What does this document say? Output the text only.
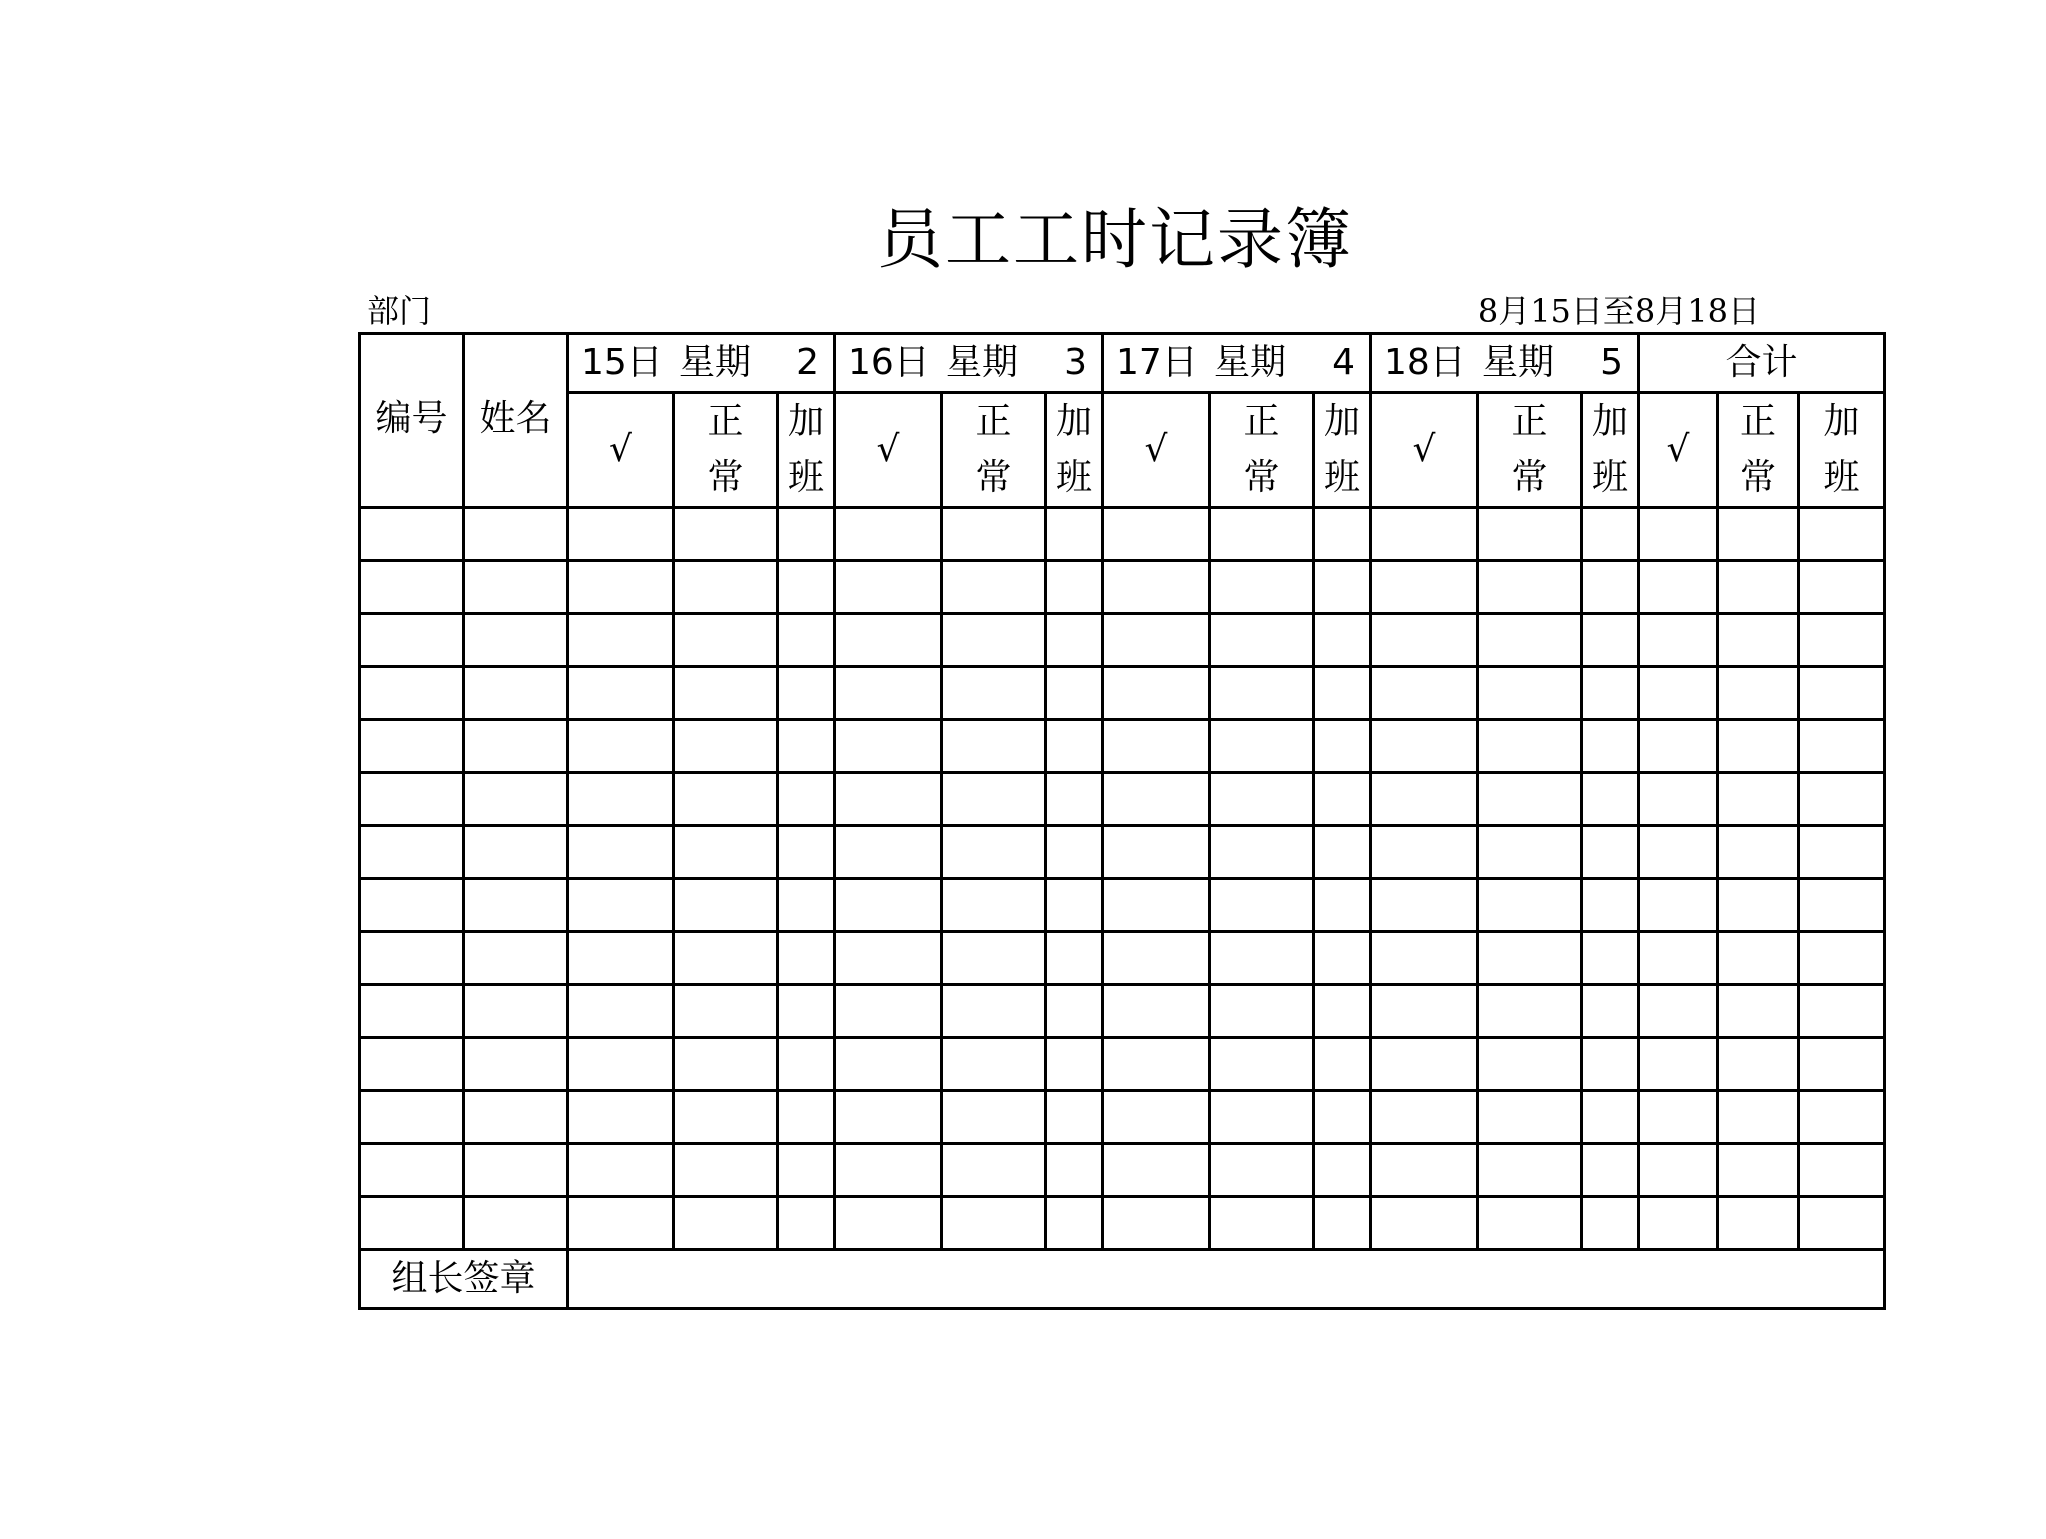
员工工时记录簿
部门	8月15日至8月18日
编号	姓名	15日 星期 2			16日 星期 3			17日 星期 4			18日 星期 5			合计		
		√	正常	加班	√	正常	加班	√	正常	加班	√	正常	加班	√	正常	加班

组长签章																
